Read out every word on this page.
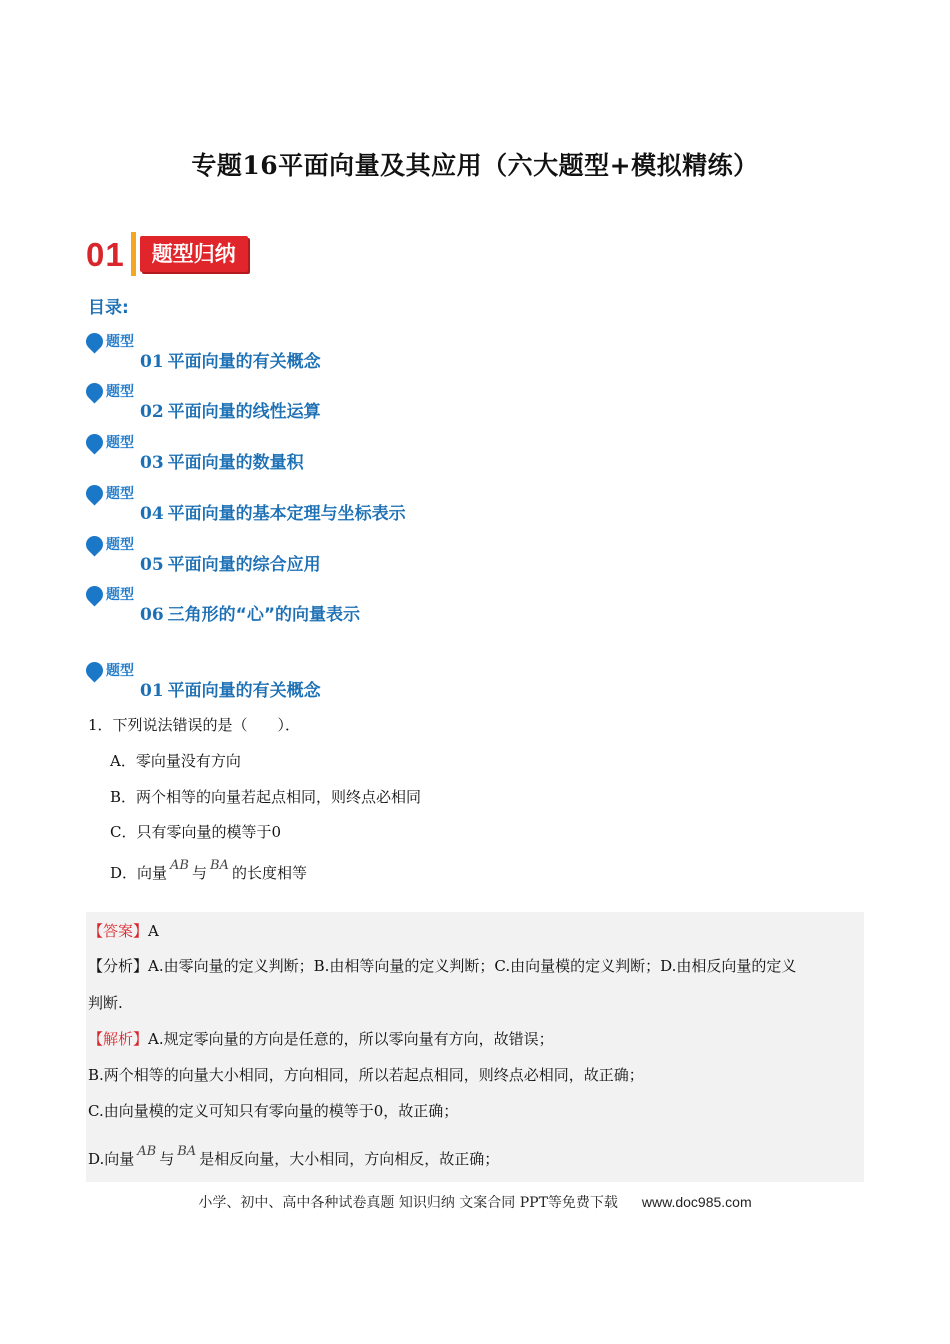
专题16平面向量及其应用（六大题型+模拟精练）
01	题型归纳
目录:
题型
01 平面向量的有关概念
题型
02 平面向量的线性运算
题型
03 平面向量的数量积
题型
04 平面向量的基本定理与坐标表示
题型
05 平面向量的综合应用
题型
06 三角形的“心”的向量表示
题型
01 平面向量的有关概念
1．下列说法错误的是（　　）．
A．零向量没有方向
B．两个相等的向量若起点相同，则终点必相同
C．只有零向量的模等于0
D．向量 AB 与 BA 的长度相等
【答案】A
【分析】A.由零向量的定义判断；B.由相等向量的定义判断；C.由向量模的定义判断；D.由相反向量的定义
判断.
【解析】A.规定零向量的方向是任意的，所以零向量有方向，故错误；
B.两个相等的向量大小相同，方向相同，所以若起点相同，则终点必相同，故正确；
C.由向量模的定义可知只有零向量的模等于0，故正确；
D.向量 AB 与 BA 是相反向量，大小相同，方向相反，故正确；
小学、初中、高中各种试卷真题 知识归纳 文案合同 PPT等免费下载 www.doc985.com
